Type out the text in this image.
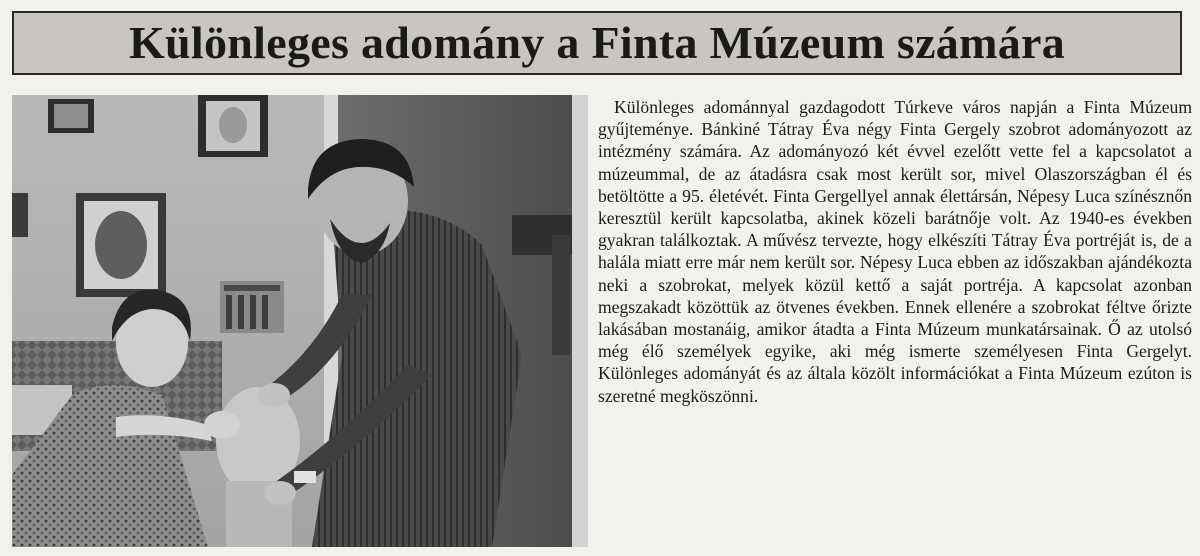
Különleges adomány a Finta Múzeum számára

Különleges adománnyal gazdagodott Túrkeve város napján a Finta Múzeum gyűjteménye. Bánkiné Tátray Éva négy Finta Gergely szobrot adományozott az intézmény számára. Az adományozó két évvel ezelőtt vette fel a kapcsolatot a múzeummal, de az átadásra csak most került sor, mivel Olaszországban él és betöltötte a 95. életévét. Finta Gergellyel annak élettársán, Népesy Luca színésznőn keresztül került kapcsolatba, akinek közeli barátnője volt. Az 1940-es években gyakran találkoztak. A művész tervezte, hogy elkészíti Tátray Éva portréját is, de a halála miatt erre már nem került sor. Népesy Luca ebben az időszakban ajándékozta neki a szobrokat, melyek közül kettő a saját portréja. A kapcsolat azonban megszakadt közöttük az ötvenes években. Ennek ellenére a szobrokat féltve őrizte lakásában mostanáig, amikor átadta a Finta Múzeum munkatársainak. Ő az utolsó még élő személyek egyike, aki még ismerte személyesen Finta Gergelyt. Különleges adományát és az általa közölt információkat a Finta Múzeum ezúton is szeretné megköszönni.
